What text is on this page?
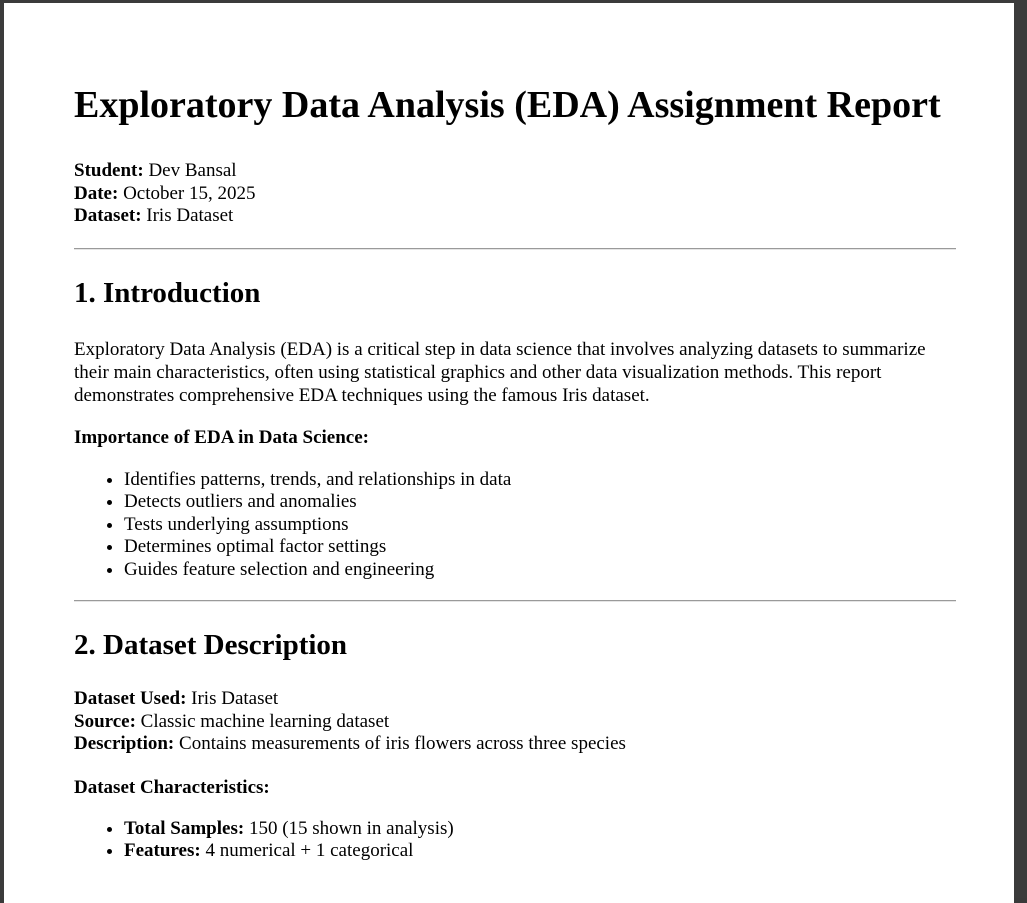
Exploratory Data Analysis (EDA) Assignment Report
Student: Dev Bansal
Date: October 15, 2025
Dataset: Iris Dataset
1. Introduction

Exploratory Data Analysis (EDA) is a critical step in data science that involves analyzing datasets to summarize their main characteristics, often using statistical graphics and other data visualization methods. This report demonstrates comprehensive EDA techniques using the famous Iris dataset.

Importance of EDA in Data Science:

• Identifies patterns, trends, and relationships in data
• Detects outliers and anomalies
• Tests underlying assumptions
• Determines optimal factor settings
• Guides feature selection and engineering
2. Dataset Description
Dataset Used: Iris Dataset
Source: Classic machine learning dataset
Description: Contains measurements of iris flowers across three species

Dataset Characteristics:

• Total Samples: 150 (15 shown in analysis)
• Features: 4 numerical + 1 categorical
